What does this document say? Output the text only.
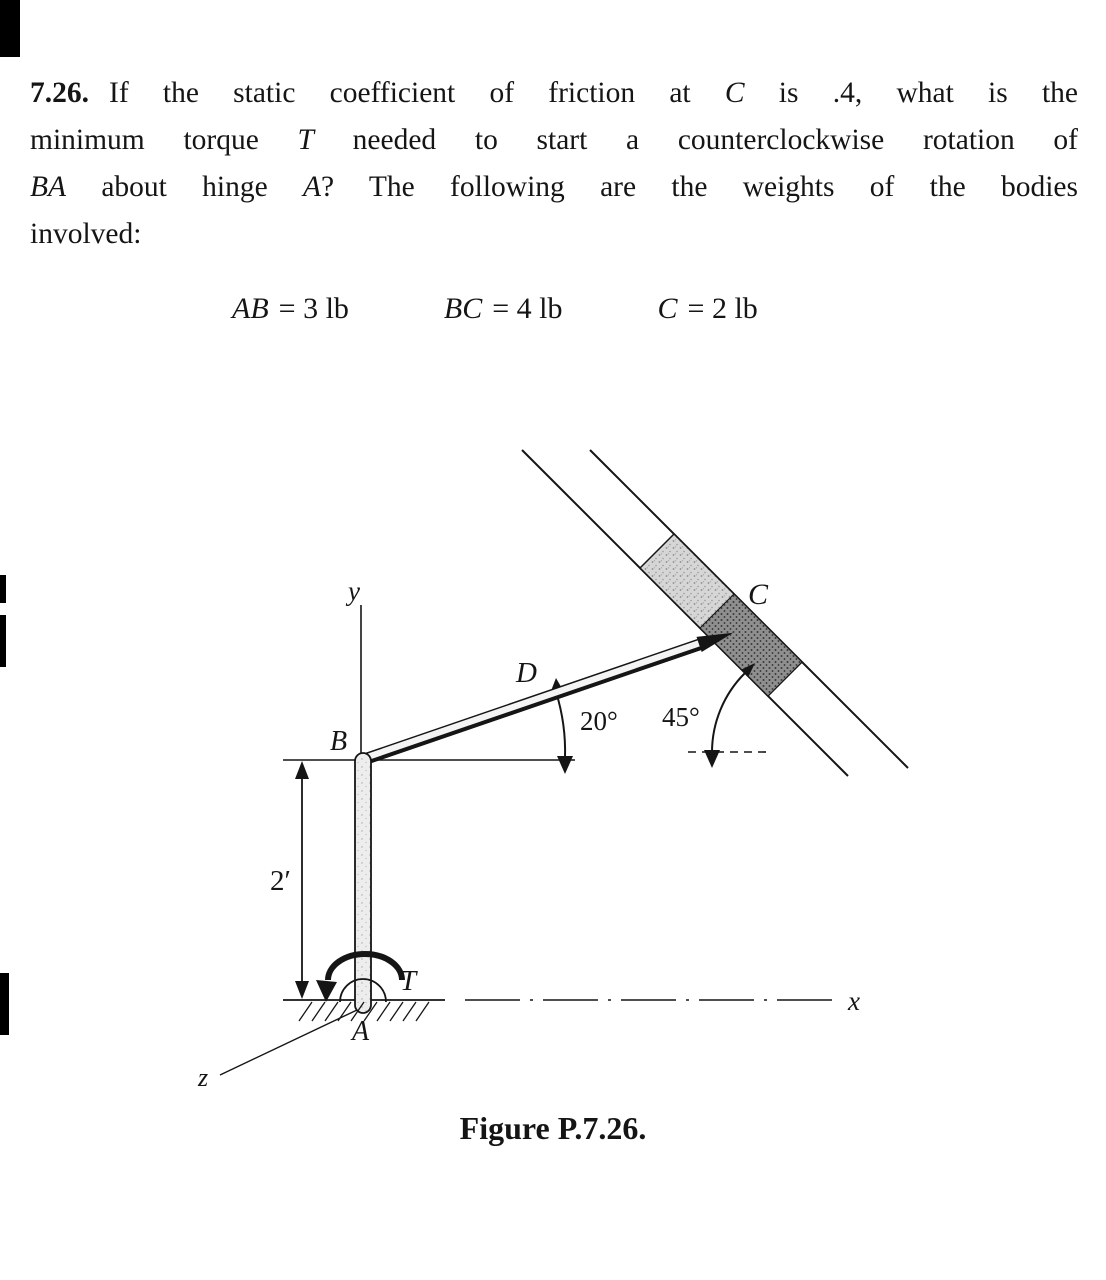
7.26. If the static coefficient of friction at C is .4, what is the
minimum torque T needed to start a counterclockwise rotation of
BA about hinge A? The following are the weights of the bodies
involved:
AB = 3 lb	BC = 4 lb	C = 2 lb
y
B
D
C
20° 45°
2′
T
A
x
z
Figure P.7.26.
